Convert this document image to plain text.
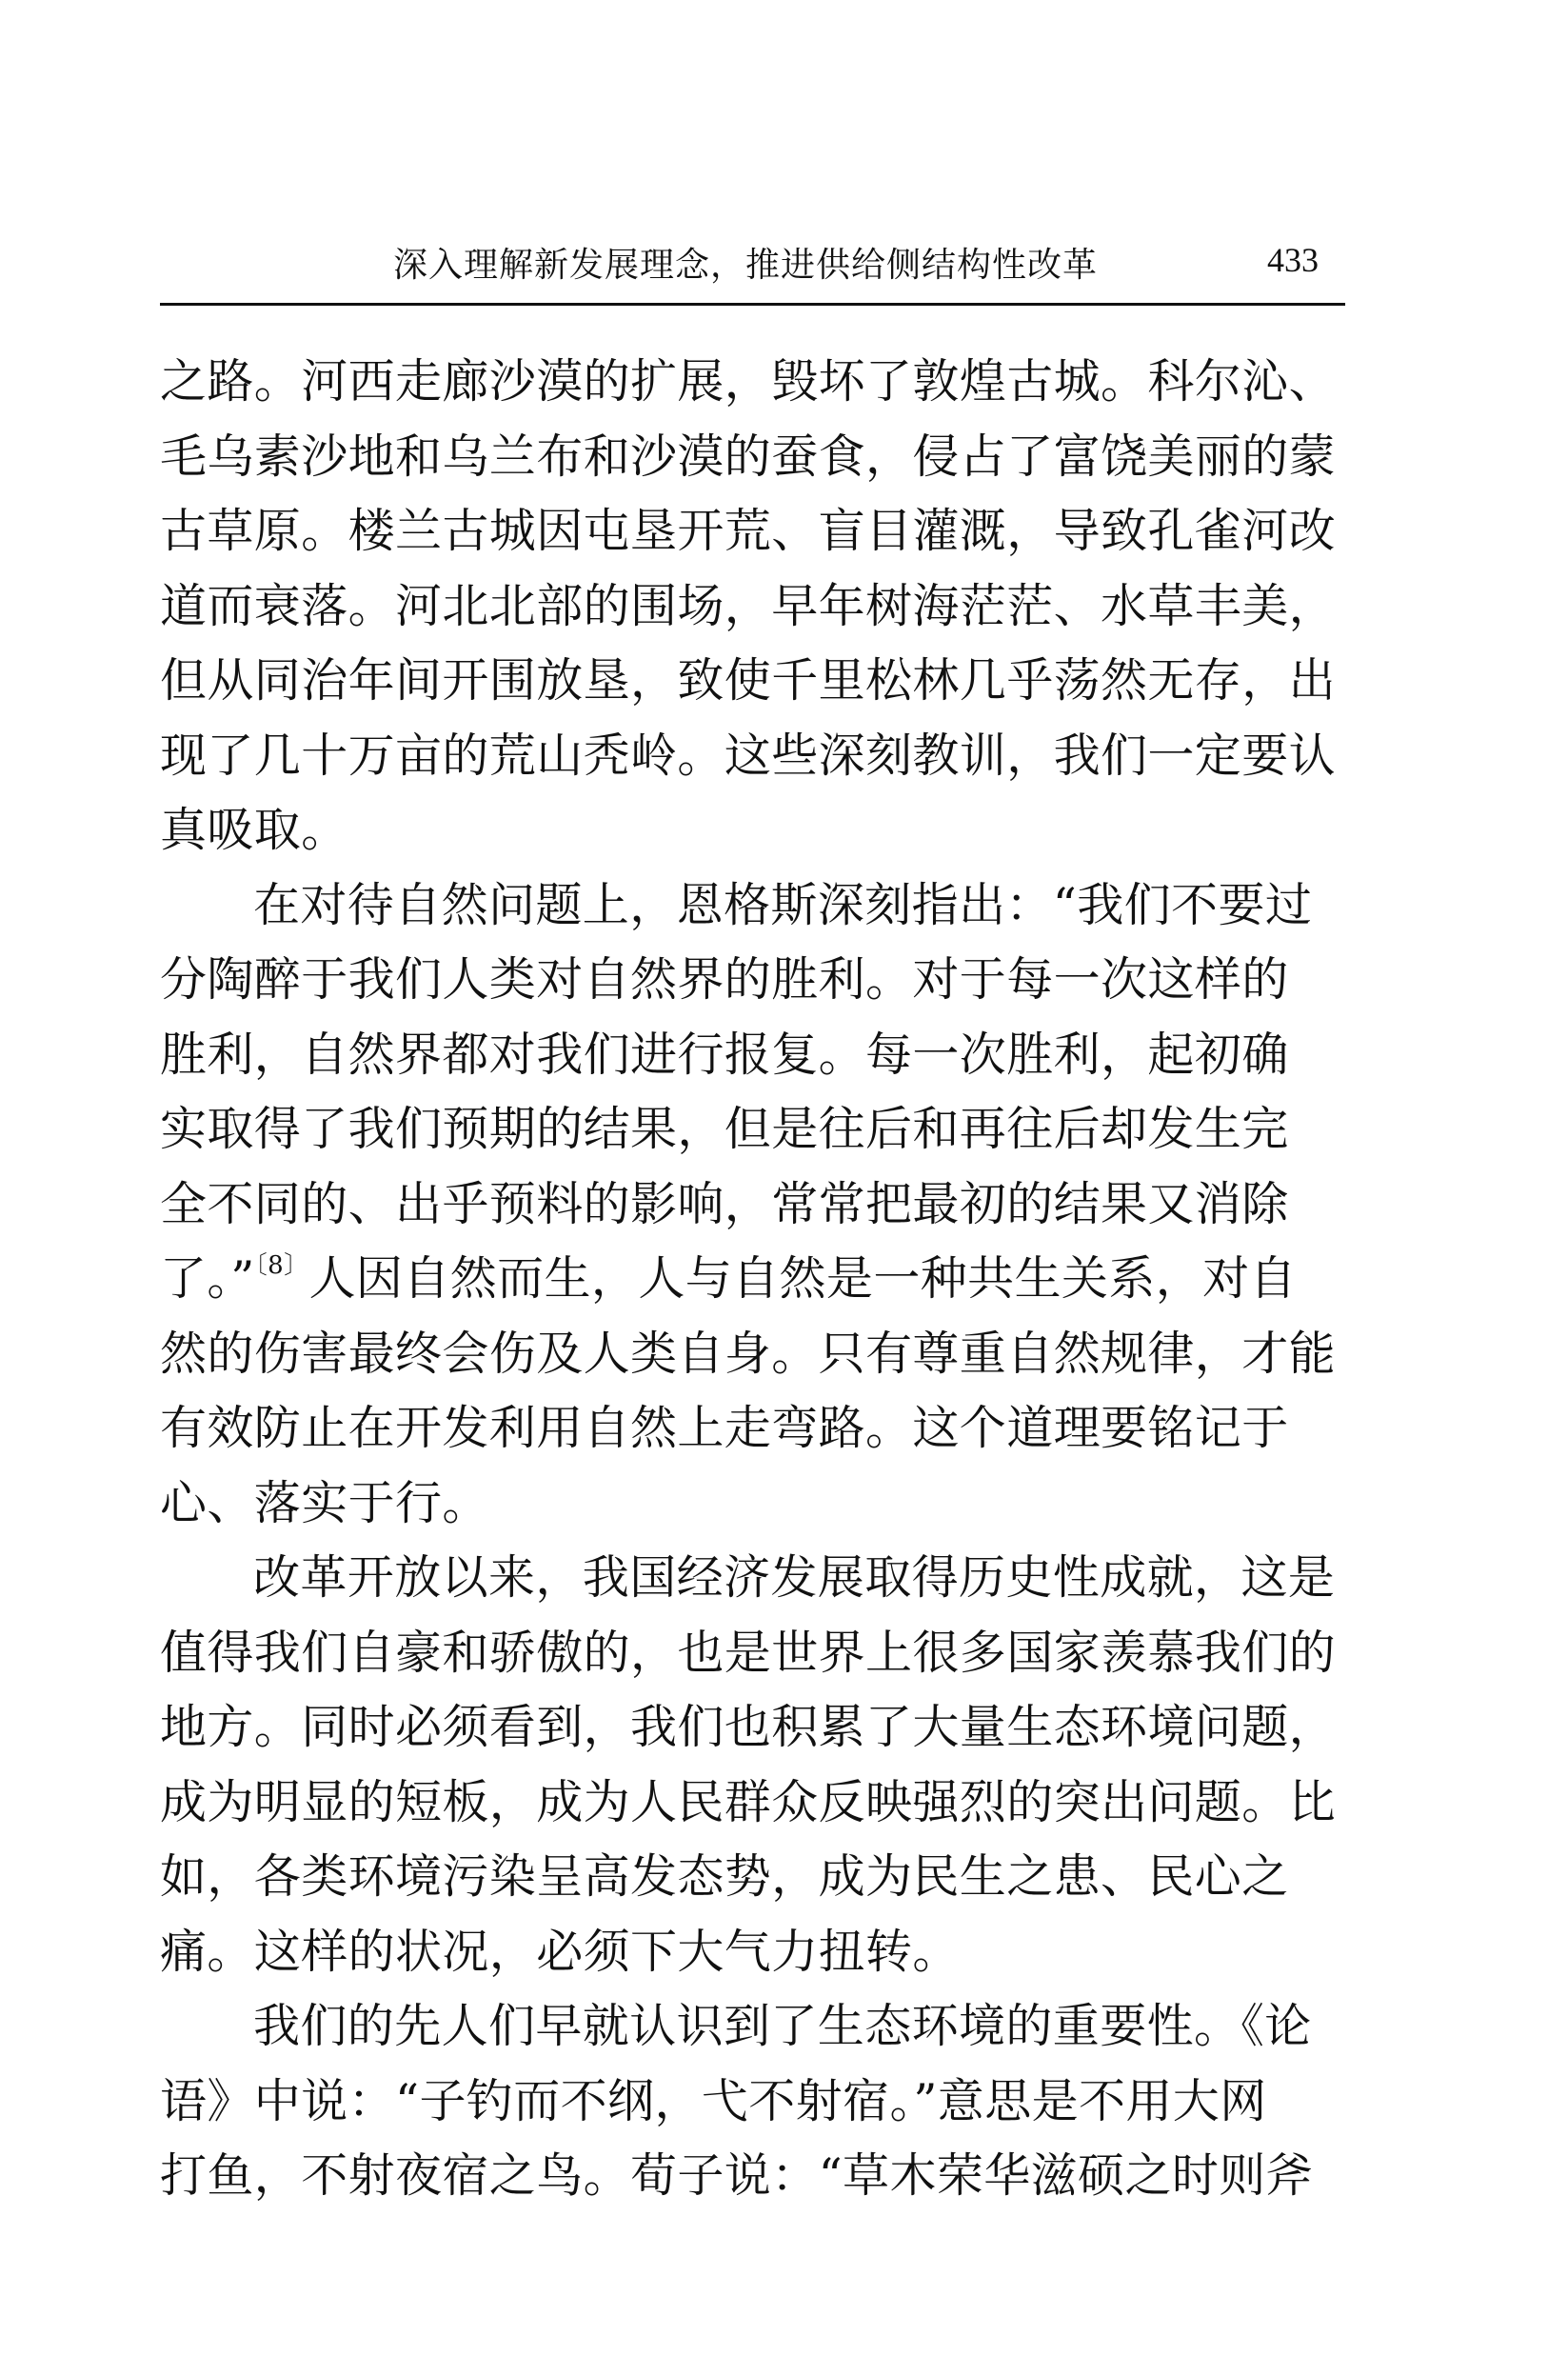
深入理解新发展理念，推进供给侧结构性改革	433
之路。河西走廊沙漠的扩展，毁坏了敦煌古城。科尔沁、
毛乌素沙地和乌兰布和沙漠的蚕食，侵占了富饶美丽的蒙
古草原。楼兰古城因屯垦开荒、盲目灌溉，导致孔雀河改
道而衰落。河北北部的围场，早年树海茫茫、水草丰美，
但从同治年间开围放垦，致使千里松林几乎荡然无存，出
现了几十万亩的荒山秃岭。这些深刻教训，我们一定要认
真吸取。
在对待自然问题上，恩格斯深刻指出：“我们不要过
分陶醉于我们人类对自然界的胜利。对于每一次这样的
胜利，自然界都对我们进行报复。每一次胜利，起初确
实取得了我们预期的结果，但是往后和再往后却发生完
全不同的、出乎预料的影响，常常把最初的结果又消除
了。”$^{〔8〕}$人因自然而生，人与自然是一种共生关系，对自
然的伤害最终会伤及人类自身。只有尊重自然规律，才能
有效防止在开发利用自然上走弯路。这个道理要铭记于
心、落实于行。
改革开放以来，我国经济发展取得历史性成就，这是
值得我们自豪和骄傲的，也是世界上很多国家羡慕我们的
地方。同时必须看到，我们也积累了大量生态环境问题，
成为明显的短板，成为人民群众反映强烈的突出问题。比
如，各类环境污染呈高发态势，成为民生之患、民心之
痛。这样的状况，必须下大气力扭转。
我们的先人们早就认识到了生态环境的重要性。《论
语》中说：“子钓而不纲，弋不射宿。”意思是不用大网
打鱼，不射夜宿之鸟。荀子说：“草木荣华滋硕之时则斧
